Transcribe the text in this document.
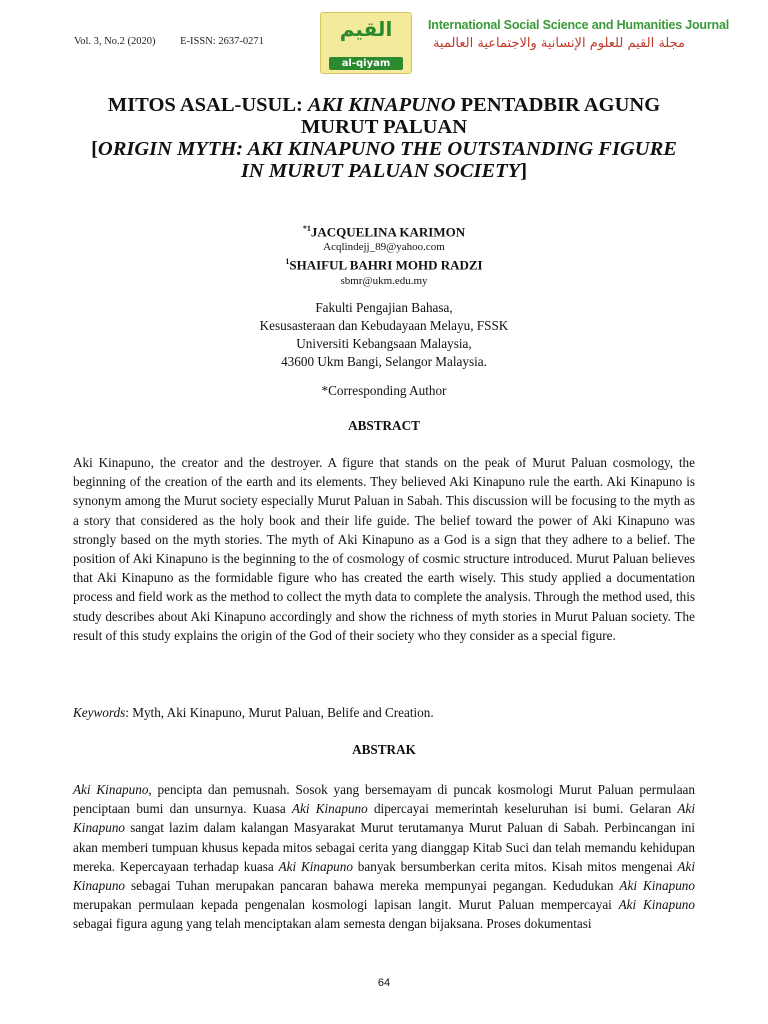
Vol. 3, No.2 (2020) E-ISSN: 2637-0271
القيم
al-qiyam
International Social Science and Humanities Journal
مجلة القيم للعلوم الإنسانية والاجتماعية العالمية
MITOS ASAL-USUL: AKI KINAPUNO PENTADBIR AGUNG
MURUT PALUAN
[ORIGIN MYTH: AKI KINAPUNO THE OUTSTANDING FIGURE
IN MURUT PALUAN SOCIETY]
$^{*1}$JACQUELINA KARIMON
Acqlindejj_89@yahoo.com
$^1$SHAIFUL BAHRI MOHD RADZI
sbmr@ukm.edu.my
Fakulti Pengajian Bahasa,
Kesusasteraan dan Kebudayaan Melayu, FSSK
Universiti Kebangsaan Malaysia,
43600 Ukm Bangi, Selangor Malaysia.
*Corresponding Author
ABSTRACT
Aki Kinapuno, the creator and the destroyer. A figure that stands on the peak of Murut Paluan cosmology, the beginning of the creation of the earth and its elements. They believed Aki Kinapuno rule the earth. Aki Kinapuno is synonym among the Murut society especially Murut Paluan in Sabah. This discussion will be focusing to the myth as a story that considered as the holy book and their life guide. The belief toward the power of Aki Kinapuno was strongly based on the myth stories. The myth of Aki Kinapuno as a God is a sign that they adhere to a belief. The position of Aki Kinapuno is the beginning to the of cosmology of cosmic structure introduced. Murut Paluan believes that Aki Kinapuno as the formidable figure who has created the earth wisely. This study applied a documentation process and field work as the method to collect the myth data to complete the analysis. Through the method used, this study describes about Aki Kinapuno accordingly and show the richness of myth stories in Murut Paluan society. The result of this study explains the origin of the God of their society who they consider as a special figure.
Keywords: Myth, Aki Kinapuno, Murut Paluan, Belife and Creation.
ABSTRAK
Aki Kinapuno, pencipta dan pemusnah. Sosok yang bersemayam di puncak kosmologi Murut Paluan permulaan penciptaan bumi dan unsurnya. Kuasa Aki Kinapuno dipercayai memerintah keseluruhan isi bumi. Gelaran Aki Kinapuno sangat lazim dalam kalangan Masyarakat Murut terutamanya Murut Paluan di Sabah. Perbincangan ini akan memberi tumpuan khusus kepada mitos sebagai cerita yang dianggap Kitab Suci dan telah memandu kehidupan mereka. Kepercayaan terhadap kuasa Aki Kinapuno banyak bersumberkan cerita mitos. Kisah mitos mengenai Aki Kinapuno sebagai Tuhan merupakan pancaran bahawa mereka mempunyai pegangan. Kedudukan Aki Kinapuno merupakan permulaan kepada pengenalan kosmologi lapisan langit. Murut Paluan mempercayai Aki Kinapuno sebagai figura agung yang telah menciptakan alam semesta dengan bijaksana. Proses dokumentasi
64
